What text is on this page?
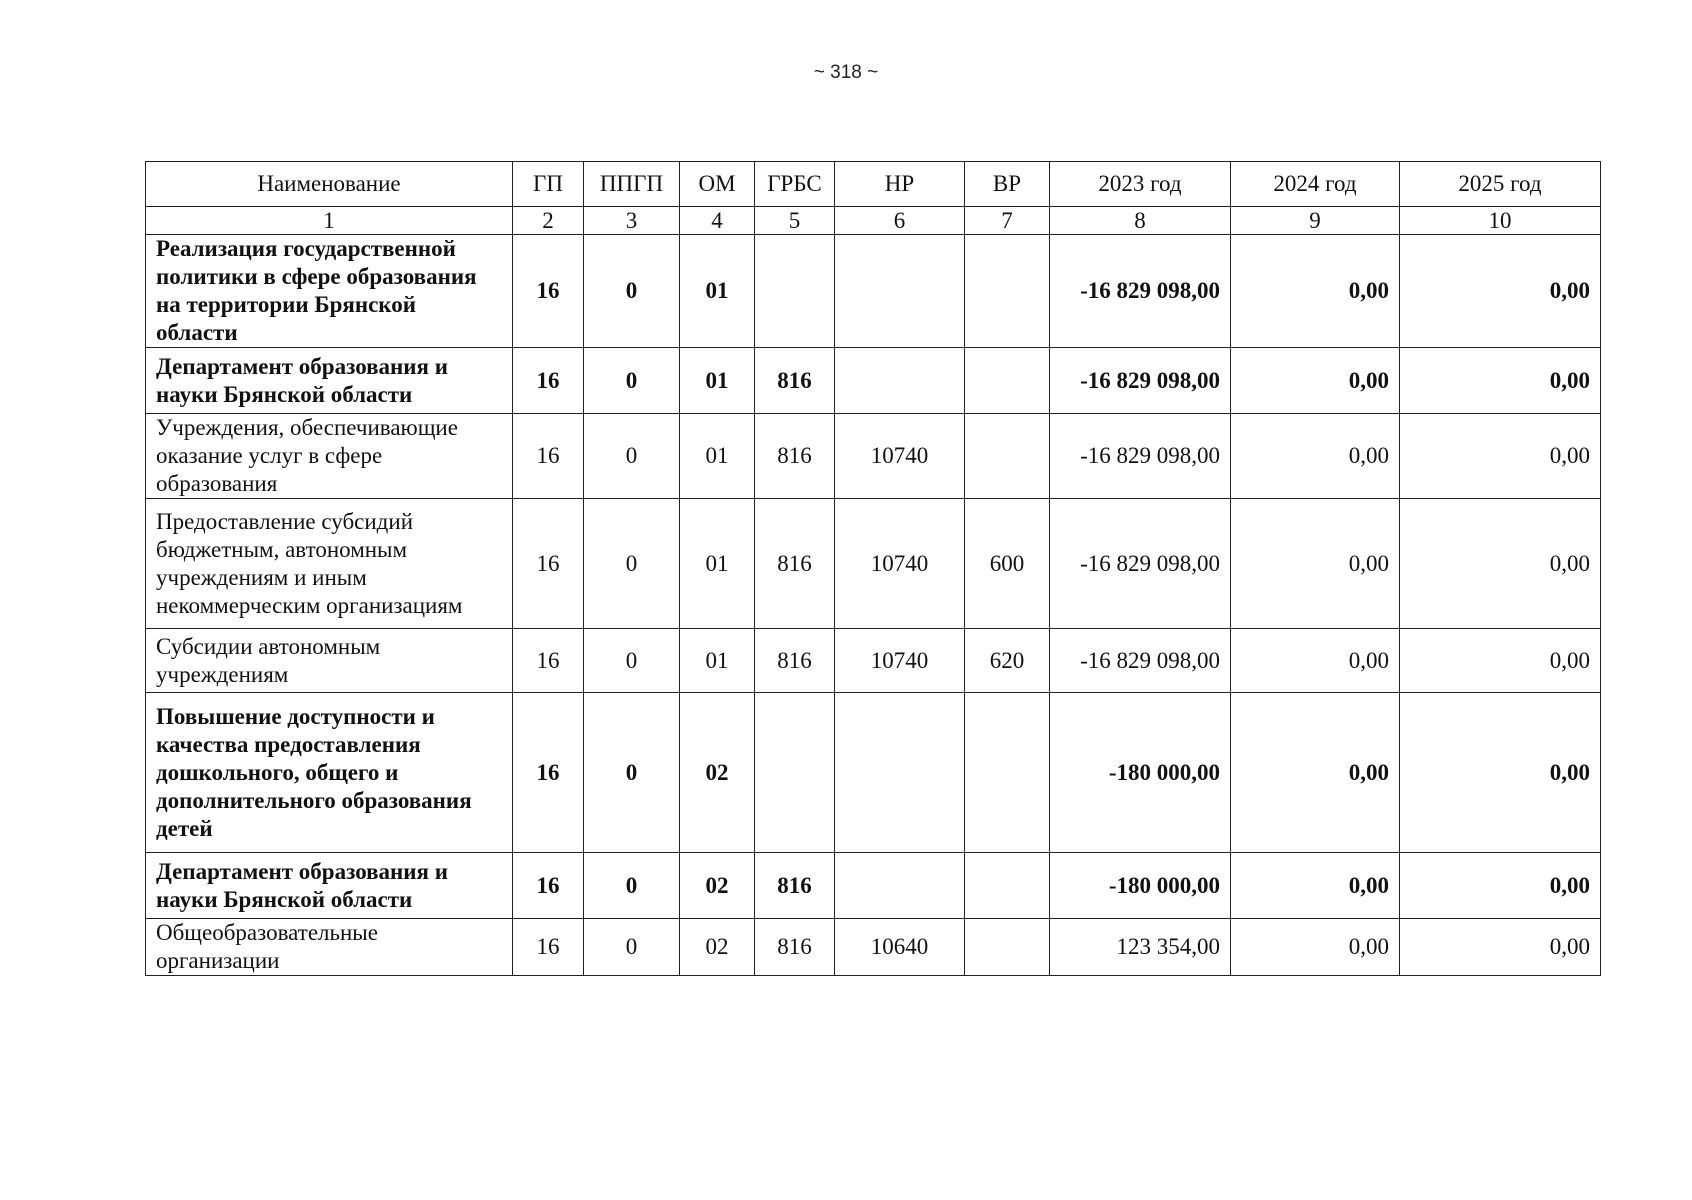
~ 318 ~
Наименование	ГП	ППГП	ОМ	ГРБС	НР	ВР	2023 год	2024 год	2025 год
1	2	3	4	5	6	7	8	9	10
Реализация государственной политики в сфере образования на территории Брянской области	16	0	01				-16 829 098,00	0,00	0,00
Департамент образования и науки Брянской области	16	0	01	816			-16 829 098,00	0,00	0,00
Учреждения, обеспечивающие оказание услуг в сфере образования	16	0	01	816	10740		-16 829 098,00	0,00	0,00
Предоставление субсидий бюджетным, автономным учреждениям и иным некоммерческим организациям	16	0	01	816	10740	600	-16 829 098,00	0,00	0,00
Субсидии автономным учреждениям	16	0	01	816	10740	620	-16 829 098,00	0,00	0,00
Повышение доступности и качества предоставления дошкольного, общего и дополнительного образования детей	16	0	02				-180 000,00	0,00	0,00
Департамент образования и науки Брянской области	16	0	02	816			-180 000,00	0,00	0,00
Общеобразовательные организации	16	0	02	816	10640		123 354,00	0,00	0,00
